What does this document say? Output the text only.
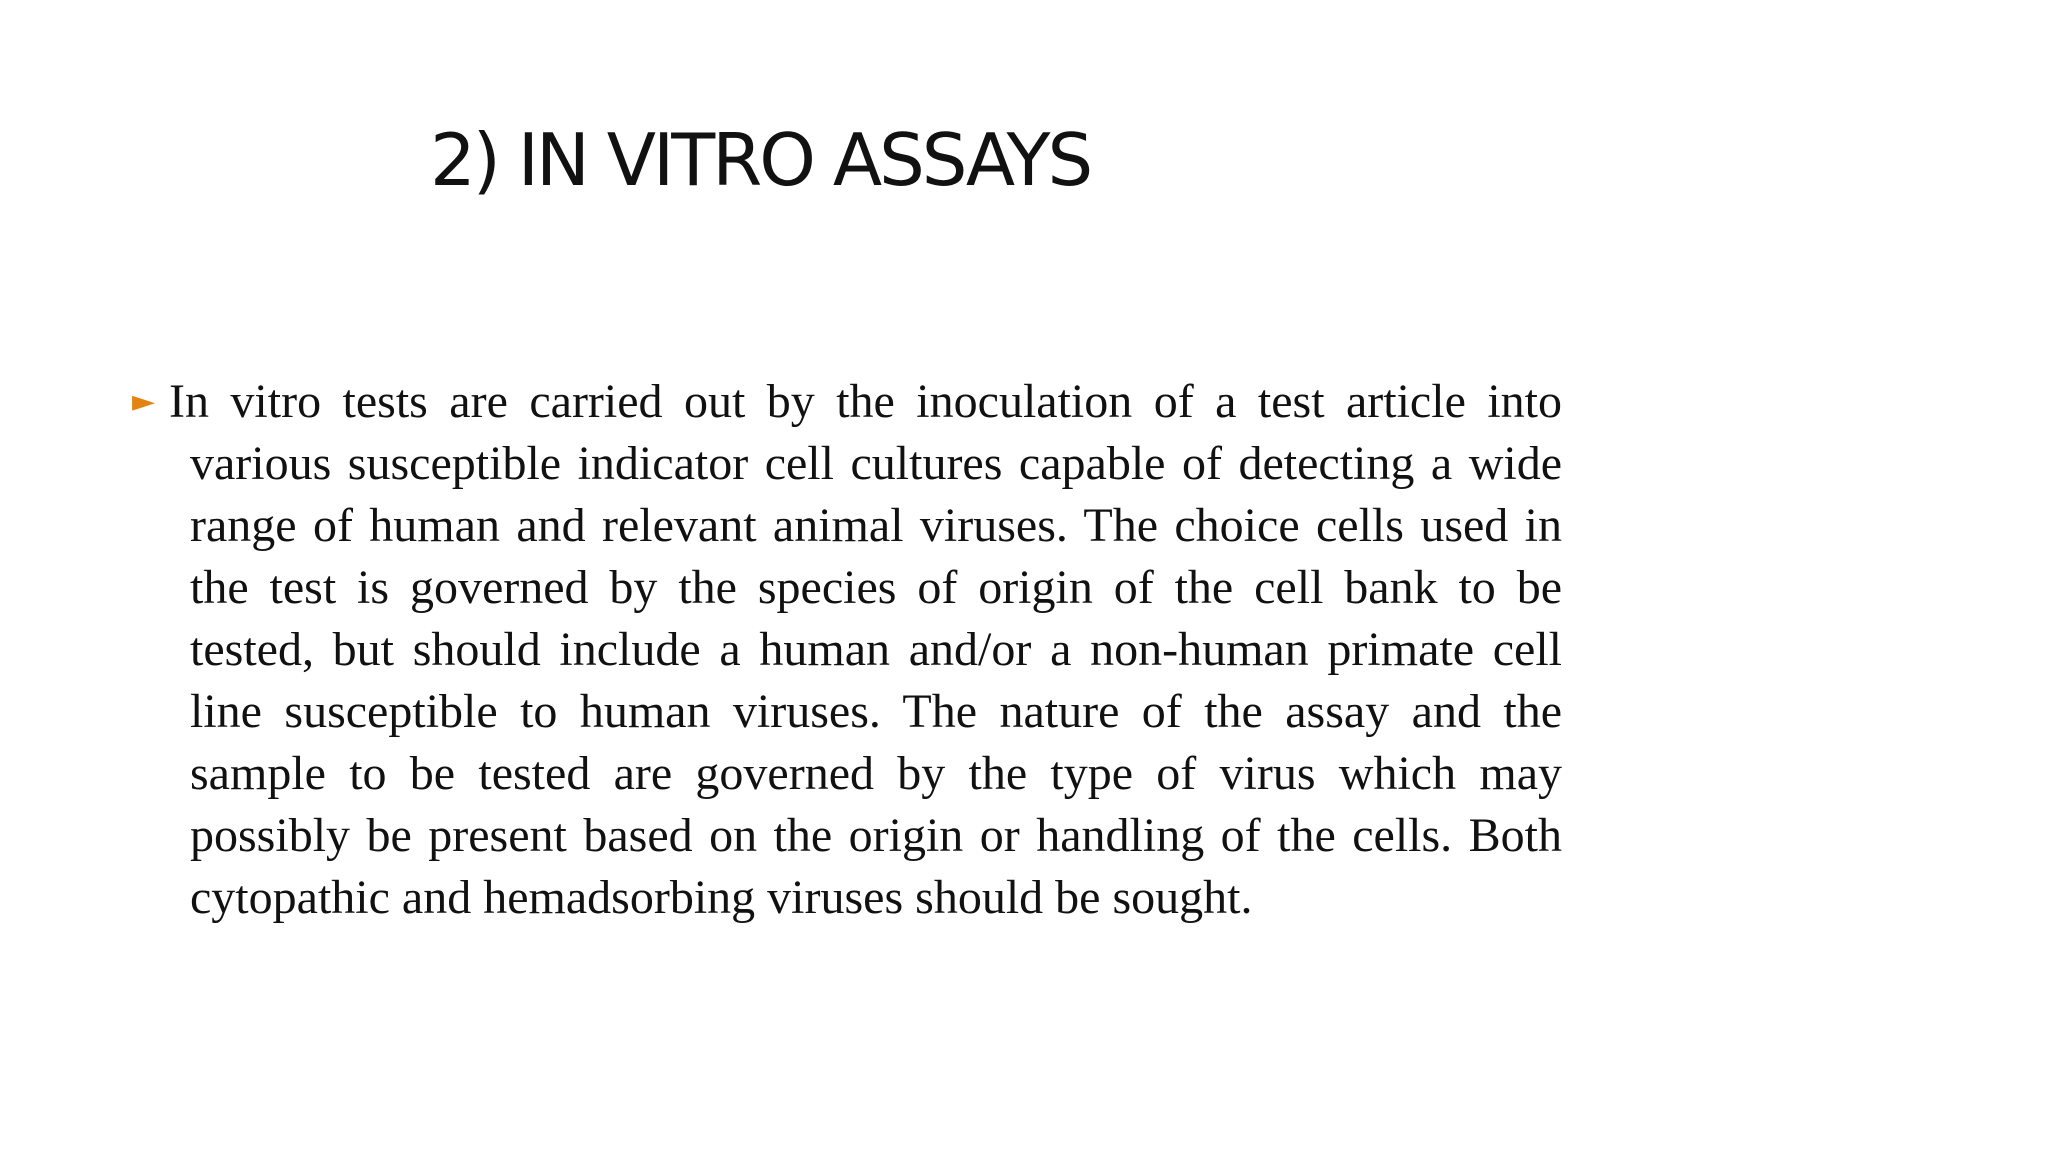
2) IN VITRO ASSAYS
► In vitro tests are carried out by the inoculation of a test article into various susceptible indicator cell cultures capable of detecting a wide range of human and relevant animal viruses. The choice cells used in the test is governed by the species of origin of the cell bank to be tested, but should include a human and/or a non-human primate cell line susceptible to human viruses. The nature of the assay and the sample to be tested are governed by the type of virus which may possibly be present based on the origin or handling of the cells. Both cytopathic and hemadsorbing viruses should be sought.
